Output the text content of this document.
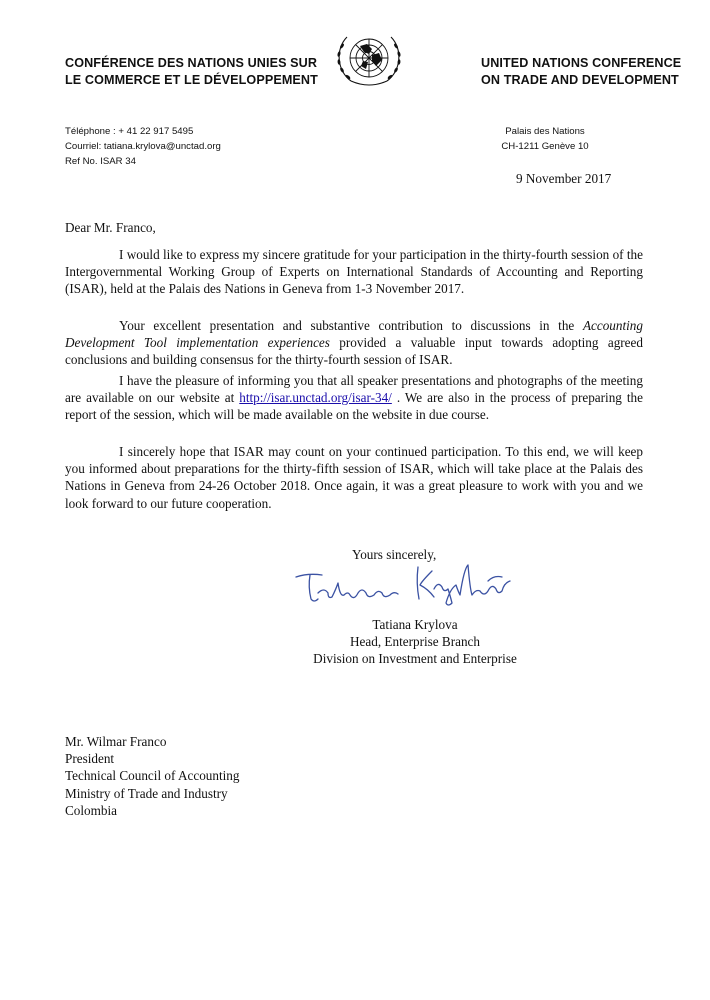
CONFÉRENCE DES NATIONS UNIES SUR
LE COMMERCE ET LE DÉVELOPPEMENT
UNITED NATIONS CONFERENCE
ON TRADE AND DEVELOPMENT
Téléphone : + 41 22 917 5495
Courriel: tatiana.krylova@unctad.org
Ref No. ISAR 34
Palais des Nations
CH-1211 Genève 10
9 November 2017
Dear Mr. Franco,

I would like to express my sincere gratitude for your participation in the thirty-fourth session of the Intergovernmental Working Group of Experts on International Standards of Accounting and Reporting (ISAR), held at the Palais des Nations in Geneva from 1-3 November 2017.

Your excellent presentation and substantive contribution to discussions in the Accounting Development Tool implementation experiences provided a valuable input towards adopting agreed conclusions and building consensus for the thirty-fourth session of ISAR.

I have the pleasure of informing you that all speaker presentations and photographs of the meeting are available on our website at http://isar.unctad.org/isar-34/ . We are also in the process of preparing the report of the session, which will be made available on the website in due course.

I sincerely hope that ISAR may count on your continued participation. To this end, we will keep you informed about preparations for the thirty-fifth session of ISAR, which will take place at the Palais des Nations in Geneva from 24-26 October 2018. Once again, it was a great pleasure to work with you and we look forward to our future cooperation.

Yours sincerely,
Tatiana Krylova
Head, Enterprise Branch
Division on Investment and Enterprise
Mr. Wilmar Franco
President
Technical Council of Accounting
Ministry of Trade and Industry
Colombia
